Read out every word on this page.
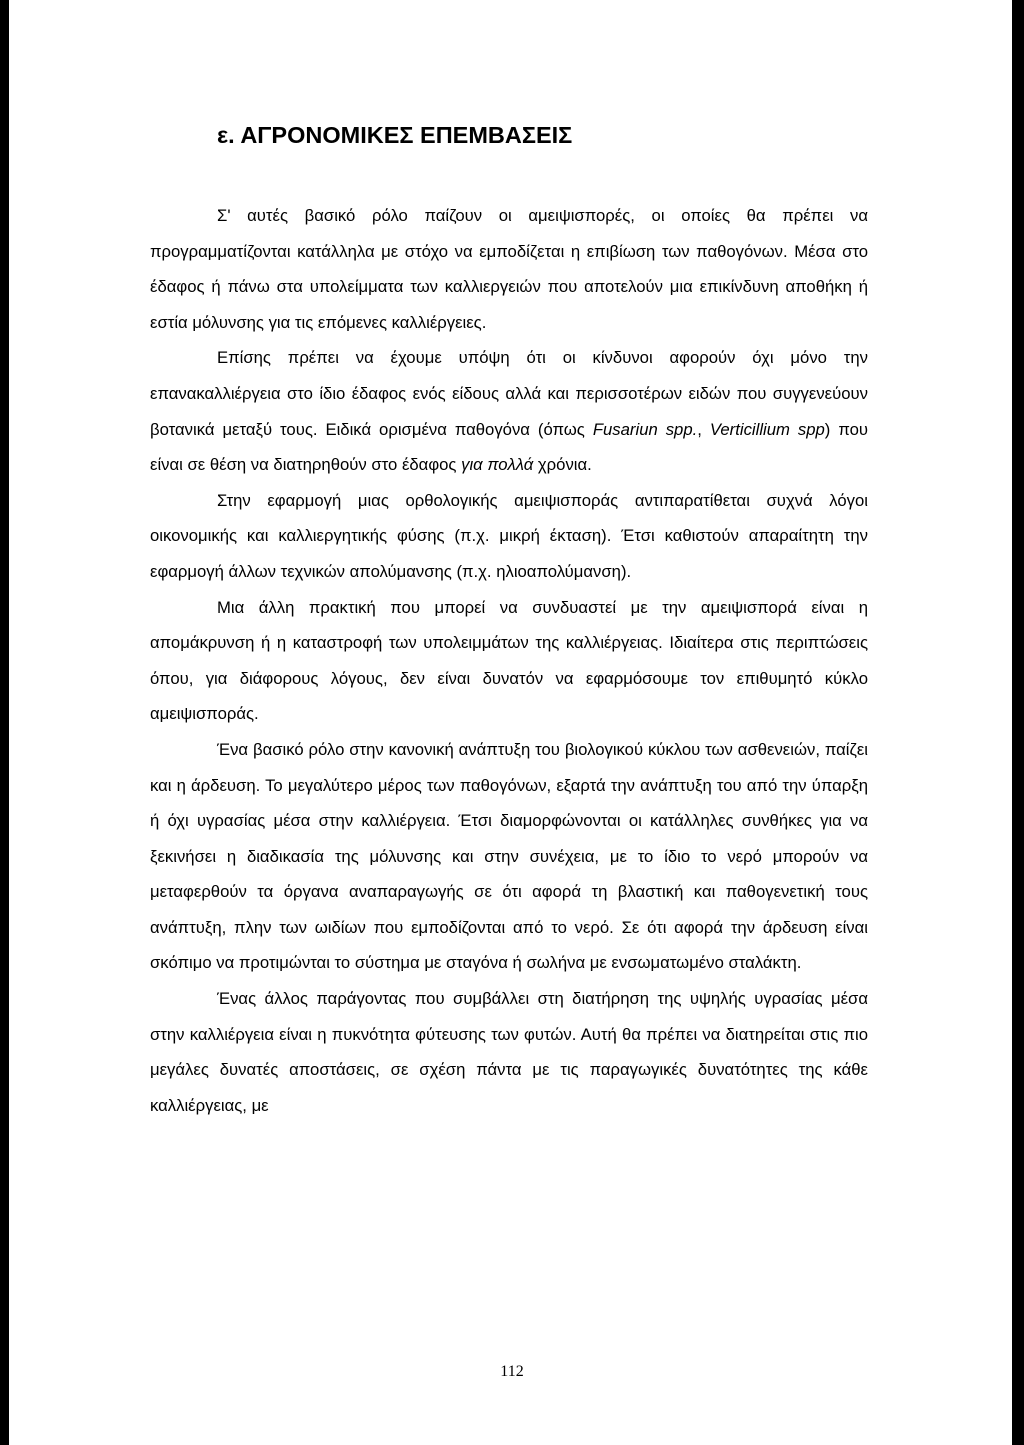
ε. ΑΓΡΟΝΟΜΙΚΕΣ ΕΠΕΜΒΑΣΕΙΣ

Σ' αυτές βασικό ρόλο παίζουν οι αμειψισπορές, οι οποίες θα πρέπει να προγραμματίζονται κατάλληλα με στόχο να εμποδίζεται η επιβίωση των παθογόνων. Μέσα στο έδαφος ή πάνω στα υπολείμματα των καλλιεργειών που αποτελούν μια επικίνδυνη αποθήκη ή εστία μόλυνσης για τις επόμενες καλλιέργειες.

Επίσης πρέπει να έχουμε υπόψη ότι οι κίνδυνοι αφορούν όχι μόνο την επανακαλλιέργεια στο ίδιο έδαφος ενός είδους αλλά και περισσοτέρων ειδών που συγγενεύουν βοτανικά μεταξύ τους. Ειδικά ορισμένα παθογόνα (όπως Fusariun spp., Verticillium spp) που είναι σε θέση να διατηρηθούν στο έδαφος για πολλά χρόνια.

Στην εφαρμογή μιας ορθολογικής αμειψισποράς αντιπαρατίθεται συχνά λόγοι οικονομικής και καλλιεργητικής φύσης (π.χ. μικρή έκταση). Έτσι καθιστούν απαραίτητη την εφαρμογή άλλων τεχνικών απολύμανσης (π.χ. ηλιοαπολύμανση).

Μια άλλη πρακτική που μπορεί να συνδυαστεί με την αμειψισπορά είναι η απομάκρυνση ή η καταστροφή των υπολειμμάτων της καλλιέργειας. Ιδιαίτερα στις περιπτώσεις όπου, για διάφορους λόγους, δεν είναι δυνατόν να εφαρμόσουμε τον επιθυμητό κύκλο αμειψισποράς.

Ένα βασικό ρόλο στην κανονική ανάπτυξη του βιολογικού κύκλου των ασθενειών, παίζει και η άρδευση. Το μεγαλύτερο μέρος των παθογόνων, εξαρτά την ανάπτυξη του από την ύπαρξη ή όχι υγρασίας μέσα στην καλλιέργεια. Έτσι διαμορφώνονται οι κατάλληλες συνθήκες για να ξεκινήσει η διαδικασία της μόλυνσης και στην συνέχεια, με το ίδιο το νερό μπορούν να μεταφερθούν τα όργανα αναπαραγωγής σε ότι αφορά τη βλαστική και παθογενετική τους ανάπτυξη, πλην των ωιδίων που εμποδίζονται από το νερό. Σε ότι αφορά την άρδευση είναι σκόπιμο να προτιμώνται το σύστημα με σταγόνα ή σωλήνα με ενσωματωμένο σταλάκτη.

Ένας άλλος παράγοντας που συμβάλλει στη διατήρηση της υψηλής υγρασίας μέσα στην καλλιέργεια είναι η πυκνότητα φύτευσης των φυτών. Αυτή θα πρέπει να διατηρείται στις πιο μεγάλες δυνατές αποστάσεις, σε σχέση πάντα με τις παραγωγικές δυνατότητες της κάθε καλλιέργειας, με

112
